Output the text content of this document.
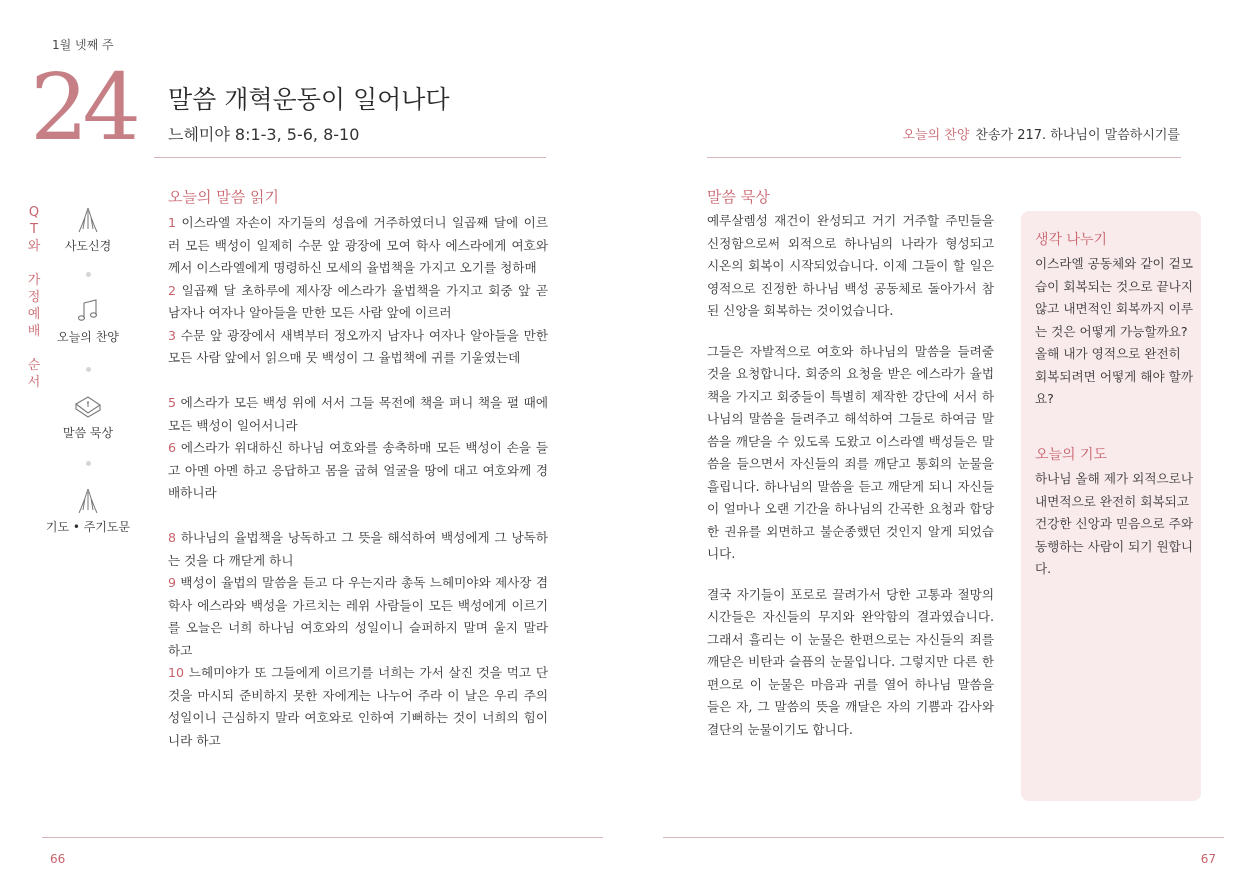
1월 넷째 주
24 말씀 개혁운동이 일어나다
느헤미야 8:1-3, 5-6, 8-10	오늘의 찬양 찬송가 217. 하나님이 말씀하시기를
Q
T
와
가
정
예
배
순
서
사도신경
오늘의 찬양
말씀 묵상
기도 • 주기도문
오늘의 말씀 읽기

1 이스라엘 자손이 자기들의 성읍에 거주하였더니 일곱째 달에 이르러 모든 백성이 일제히 수문 앞 광장에 모여 학사 에스라에게 여호와께서 이스라엘에게 명령하신 모세의 율법책을 가지고 오기를 청하매

2 일곱째 달 초하루에 제사장 에스라가 율법책을 가지고 회중 앞 곧 남자나 여자나 알아들을 만한 모든 사람 앞에 이르러

3 수문 앞 광장에서 새벽부터 정오까지 남자나 여자나 알아들을 만한 모든 사람 앞에서 읽으매 뭇 백성이 그 율법책에 귀를 기울였는데

5 에스라가 모든 백성 위에 서서 그들 목전에 책을 펴니 책을 펼 때에 모든 백성이 일어서니라

6 에스라가 위대하신 하나님 여호와를 송축하매 모든 백성이 손을 들고 아멘 아멘 하고 응답하고 몸을 굽혀 얼굴을 땅에 대고 여호와께 경배하니라

8 하나님의 율법책을 낭독하고 그 뜻을 해석하여 백성에게 그 낭독하는 것을 다 깨닫게 하니

9 백성이 율법의 말씀을 듣고 다 우는지라 총독 느헤미야와 제사장 겸 학사 에스라와 백성을 가르치는 레위 사람들이 모든 백성에게 이르기를 오늘은 너희 하나님 여호와의 성일이니 슬퍼하지 말며 울지 말라 하고

10 느헤미야가 또 그들에게 이르기를 너희는 가서 살진 것을 먹고 단 것을 마시되 준비하지 못한 자에게는 나누어 주라 이 날은 우리 주의 성일이니 근심하지 말라 여호와로 인하여 기뻐하는 것이 너희의 힘이니라 하고

말씀 묵상

예루살렘성 재건이 완성되고 거기 거주할 주민들을 신정함으로써 외적으로 하나님의 나라가 형성되고 시온의 회복이 시작되었습니다. 이제 그들이 할 일은 영적으로 진정한 하나님 백성 공동체로 돌아가서 참된 신앙을 회복하는 것이었습니다.

그들은 자발적으로 여호와 하나님의 말씀을 들려줄 것을 요청합니다. 회중의 요청을 받은 에스라가 율법책을 가지고 회중들이 특별히 제작한 강단에 서서 하나님의 말씀을 들려주고 해석하여 그들로 하여금 말씀을 깨닫을 수 있도록 도왔고 이스라엘 백성들은 말씀을 들으면서 자신들의 죄를 깨닫고 통회의 눈물을 흘립니다. 하나님의 말씀을 듣고 깨닫게 되니 자신들이 얼마나 오랜 기간을 하나님의 간곡한 요청과 합당한 권유를 외면하고 불순종했던 것인지 알게 되었습니다.

결국 자기들이 포로로 끌려가서 당한 고통과 절망의 시간들은 자신들의 무지와 완악함의 결과였습니다. 그래서 흘리는 이 눈물은 한편으로는 자신들의 죄를 깨닫은 비탄과 슬픔의 눈물입니다. 그렇지만 다른 한편으로 이 눈물은 마음과 귀를 열어 하나님 말씀을 들은 자, 그 말씀의 뜻을 깨달은 자의 기쁨과 감사와 결단의 눈물이기도 합니다.

생각 나누기
이스라엘 공동체와 같이 겉모습이 회복되는 것으로 끝나지 않고 내면적인 회복까지 이루는 것은 어떻게 가능할까요? 올해 내가 영적으로 완전히 회복되려면 어떻게 해야 할까요?
오늘의 기도
하나님 올해 제가 외적으로나 내면적으로 완전히 회복되고 건강한 신앙과 믿음으로 주와 동행하는 사람이 되기 원합니다.
66	67
